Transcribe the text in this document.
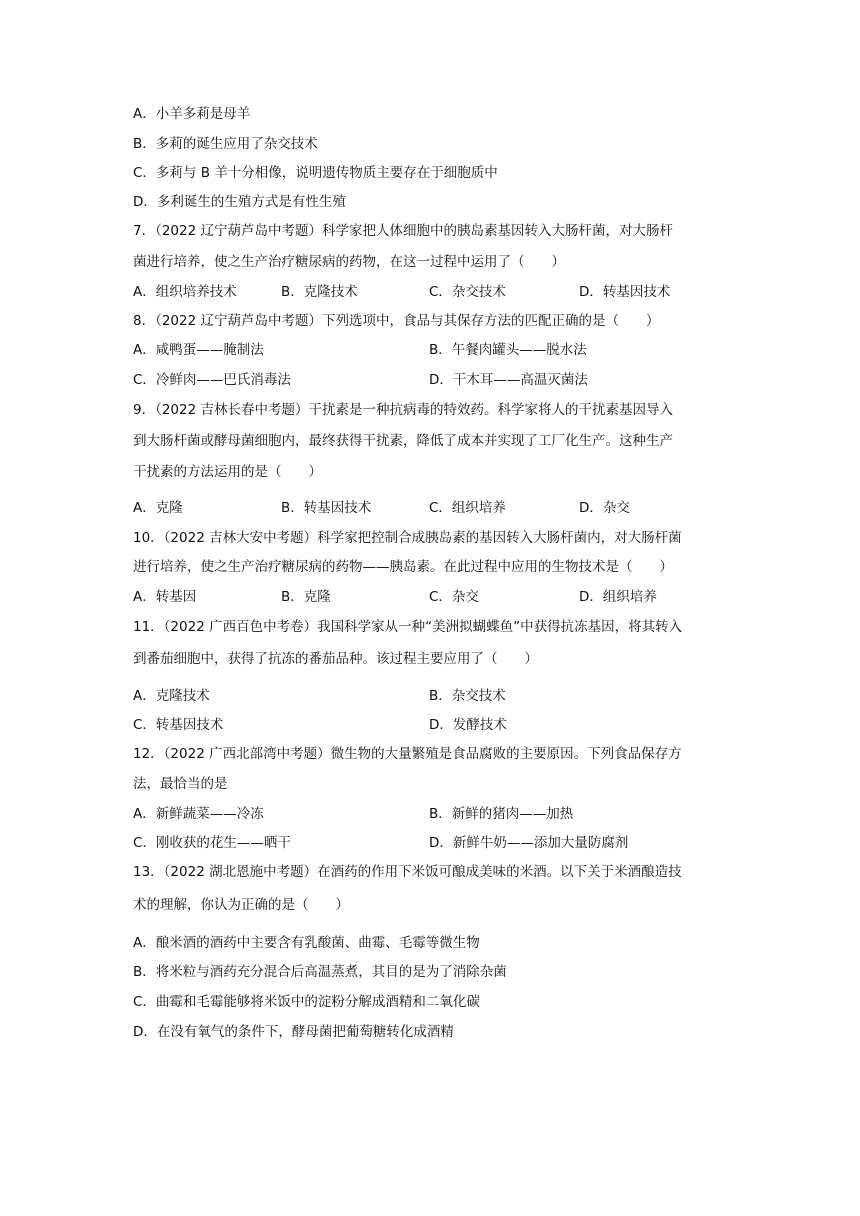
A．小羊多莉是母羊
B．多莉的诞生应用了杂交技术
C．多莉与 B 羊十分相像，说明遗传物质主要存在于细胞质中
D．多利诞生的生殖方式是有性生殖
7．（2022 辽宁葫芦岛中考题）科学家把人体细胞中的胰岛素基因转入大肠杆菌，对大肠杆
菌进行培养，使之生产治疗糖尿病的药物，在这一过程中运用了（　　）
A．组织培养技术	B．克隆技术	C．杂交技术	D．转基因技术
8．（2022 辽宁葫芦岛中考题）下列选项中，食品与其保存方法的匹配正确的是（　　）
A．咸鸭蛋——腌制法	B．午餐肉罐头——脱水法
C．冷鲜肉——巴氏消毒法	D．干木耳——高温灭菌法
9．（2022 吉林长春中考题）干扰素是一种抗病毒的特效药。科学家将人的干扰素基因导入
到大肠杆菌或酵母菌细胞内，最终获得干扰素，降低了成本并实现了工厂化生产。这种生产
干扰素的方法运用的是（　　）
A．克隆	B．转基因技术	C．组织培养	D．杂交
10．（2022 吉林大安中考题）科学家把控制合成胰岛素的基因转入大肠杆菌内，对大肠杆菌
进行培养，使之生产治疗糖尿病的药物——胰岛素。在此过程中应用的生物技术是（　　）
A．转基因	B．克隆	C．杂交	D．组织培养
11．（2022 广西百色中考卷）我国科学家从一种“美洲拟蝴蝶鱼”中获得抗冻基因，将其转入
到番茄细胞中，获得了抗冻的番茄品种。该过程主要应用了（　　）
A．克隆技术	B．杂交技术
C．转基因技术	D．发酵技术
12．（2022 广西北部湾中考题）微生物的大量繁殖是食品腐败的主要原因。下列食品保存方
法，最恰当的是
A．新鲜蔬菜——冷冻	B．新鲜的猪肉——加热
C．刚收获的花生——晒干	D．新鲜牛奶——添加大量防腐剂
13．（2022 湖北恩施中考题）在酒药的作用下米饭可酿成美味的米酒。以下关于米酒酿造技
术的理解，你认为正确的是（　　）
A．酿米酒的酒药中主要含有乳酸菌、曲霉、毛霉等微生物
B．将米粒与酒药充分混合后高温蒸煮，其目的是为了消除杂菌
C．曲霉和毛霉能够将米饭中的淀粉分解成酒精和二氧化碳
D．在没有氧气的条件下，酵母菌把葡萄糖转化成酒精
